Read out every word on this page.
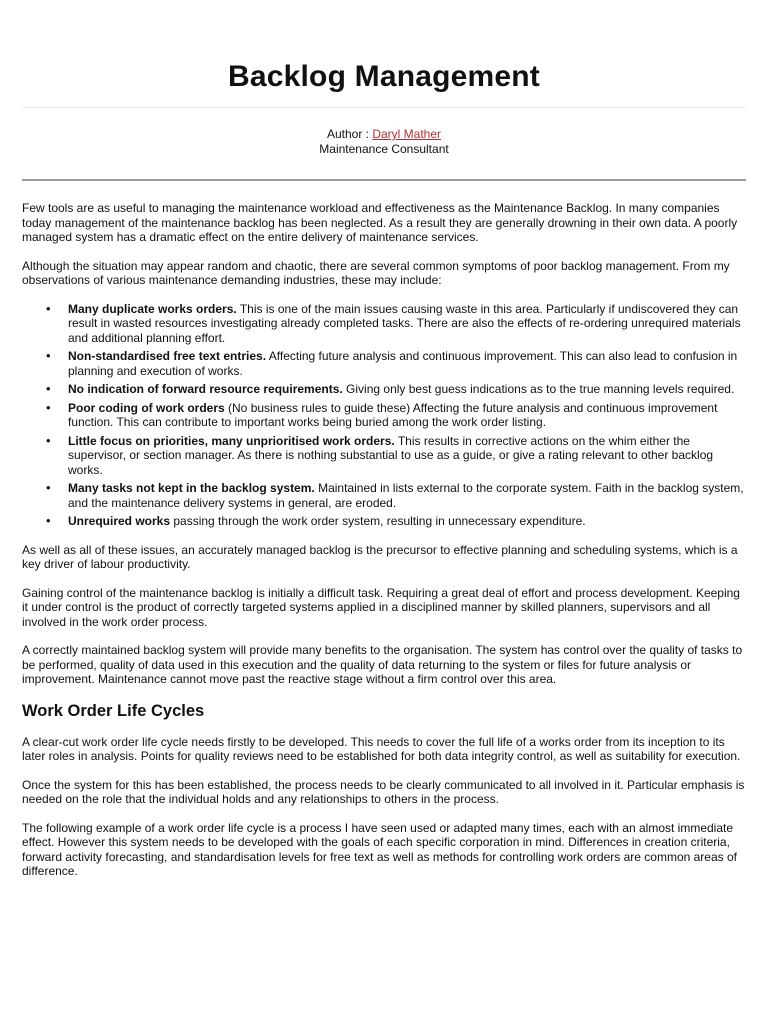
Backlog Management
Author : Daryl Mather
Maintenance Consultant

Few tools are as useful to managing the maintenance workload and effectiveness as the Maintenance Backlog. In many companies today management of the maintenance backlog has been neglected. As a result they are generally drowning in their own data. A poorly managed system has a dramatic effect on the entire delivery of maintenance services.

Although the situation may appear random and chaotic, there are several common symptoms of poor backlog management. From my observations of various maintenance demanding industries, these may include:

• Many duplicate works orders. This is one of the main issues causing waste in this area. Particularly if undiscovered they can result in wasted resources investigating already completed tasks. There are also the effects of re-ordering unrequired materials and additional planning effort.
• Non-standardised free text entries. Affecting future analysis and continuous improvement. This can also lead to confusion in planning and execution of works.
• No indication of forward resource requirements. Giving only best guess indications as to the true manning levels required.
• Poor coding of work orders (No business rules to guide these) Affecting the future analysis and continuous improvement function. This can contribute to important works being buried among the work order listing.
• Little focus on priorities, many unprioritised work orders. This results in corrective actions on the whim either the supervisor, or section manager. As there is nothing substantial to use as a guide, or give a rating relevant to other backlog works.
• Many tasks not kept in the backlog system. Maintained in lists external to the corporate system. Faith in the backlog system, and the maintenance delivery systems in general, are eroded.
• Unrequired works passing through the work order system, resulting in unnecessary expenditure.

As well as all of these issues, an accurately managed backlog is the precursor to effective planning and scheduling systems, which is a key driver of labour productivity.

Gaining control of the maintenance backlog is initially a difficult task. Requiring a great deal of effort and process development. Keeping it under control is the product of correctly targeted systems applied in a disciplined manner by skilled planners, supervisors and all involved in the work order process.

A correctly maintained backlog system will provide many benefits to the organisation. The system has control over the quality of tasks to be performed, quality of data used in this execution and the quality of data returning to the system or files for future analysis or improvement. Maintenance cannot move past the reactive stage without a firm control over this area.

Work Order Life Cycles

A clear-cut work order life cycle needs firstly to be developed. This needs to cover the full life of a works order from its inception to its later roles in analysis. Points for quality reviews need to be established for both data integrity control, as well as suitability for execution.

Once the system for this has been established, the process needs to be clearly communicated to all involved in it. Particular emphasis is needed on the role that the individual holds and any relationships to others in the process.

The following example of a work order life cycle is a process I have seen used or adapted many times, each with an almost immediate effect. However this system needs to be developed with the goals of each specific corporation in mind. Differences in creation criteria, forward activity forecasting, and standardisation levels for free text as well as methods for controlling work orders are common areas of difference.
